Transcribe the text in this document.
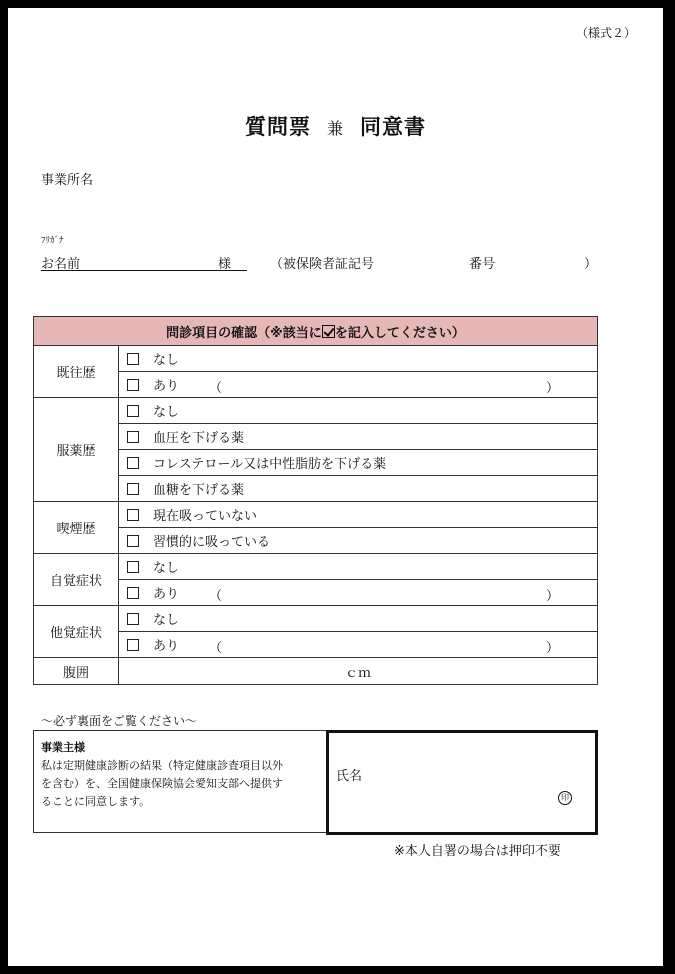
（様式２）
質問票 兼 同意書
事業所名
ﾌﾘｶﾞﾅ
お名前	様	（被保険者証記号	番号	）
問診項目の確認（※該当に を記入してください）	
既往歴	なし
	あり （ ）

服薬歴	なし
	血圧を下げる薬
	コレステロール又は中性脂肪を下げる薬
	血糖を下げる薬
喫煙歴	現在吸っていない
	習慣的に吸っている
自覚症状	なし
	あり （ ）

他覚症状	なし
	あり （ ）

腹囲	ｃｍ
～必ず裏面をご覧ください～
事業主様
私は定期健康診断の結果（特定健康診査項目以外
を含む）を、全国健康保険協会愛知支部へ提供す
ることに同意します。
氏名
印
※本人自署の場合は押印不要
